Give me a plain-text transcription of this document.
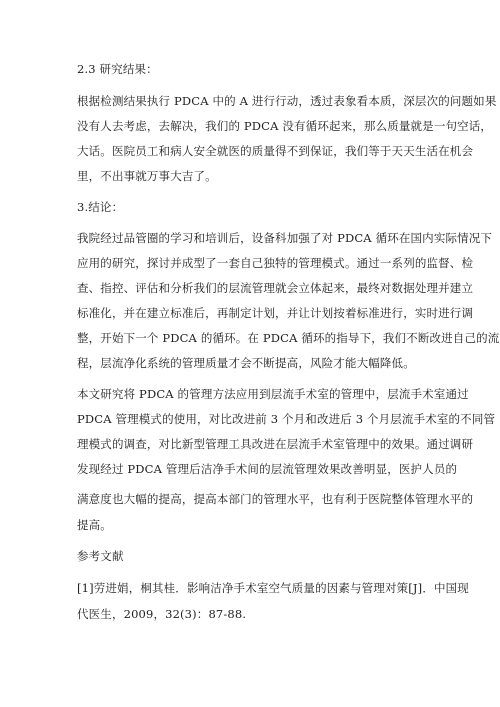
2.3 研究结果：

根据检测结果执行 PDCA 中的 A 进行行动，透过表象看本质，深层次的问题如果

没有人去考虑，去解决，我们的 PDCA 没有循环起来，那么质量就是一句空话，

大话。医院员工和病人安全就医的质量得不到保证，我们等于天天生活在机会

里，不出事就万事大吉了。

3.结论：

我院经过品管圈的学习和培训后，设备科加强了对 PDCA 循环在国内实际情况下

应用的研究，探讨并成型了一套自己独特的管理模式。通过一系列的监督、检

查、指控、评估和分析我们的层流管理就会立体起来，最终对数据处理并建立

标准化，并在建立标准后，再制定计划，并让计划按着标准进行，实时进行调

整，开始下一个 PDCA 的循环。在 PDCA 循环的指导下，我们不断改进自己的流

程，层流净化系统的管理质量才会不断提高，风险才能大幅降低。

本文研究将 PDCA 的管理方法应用到层流手术室的管理中，层流手术室通过

PDCA 管理模式的使用，对比改进前 3 个月和改进后 3 个月层流手术室的不同管

理模式的调查，对比新型管理工具改进在层流手术室管理中的效果。通过调研

发现经过 PDCA 管理后洁净手术间的层流管理效果改善明显，医护人员的

满意度也大幅的提高，提高本部门的管理水平，也有利于医院整体管理水平的

提高。

参考文献

[1]劳进娟，桐其桂．影响洁净手术室空气质量的因素与管理对策[J]．中国现

代医生，2009，32(3)：87-88.
